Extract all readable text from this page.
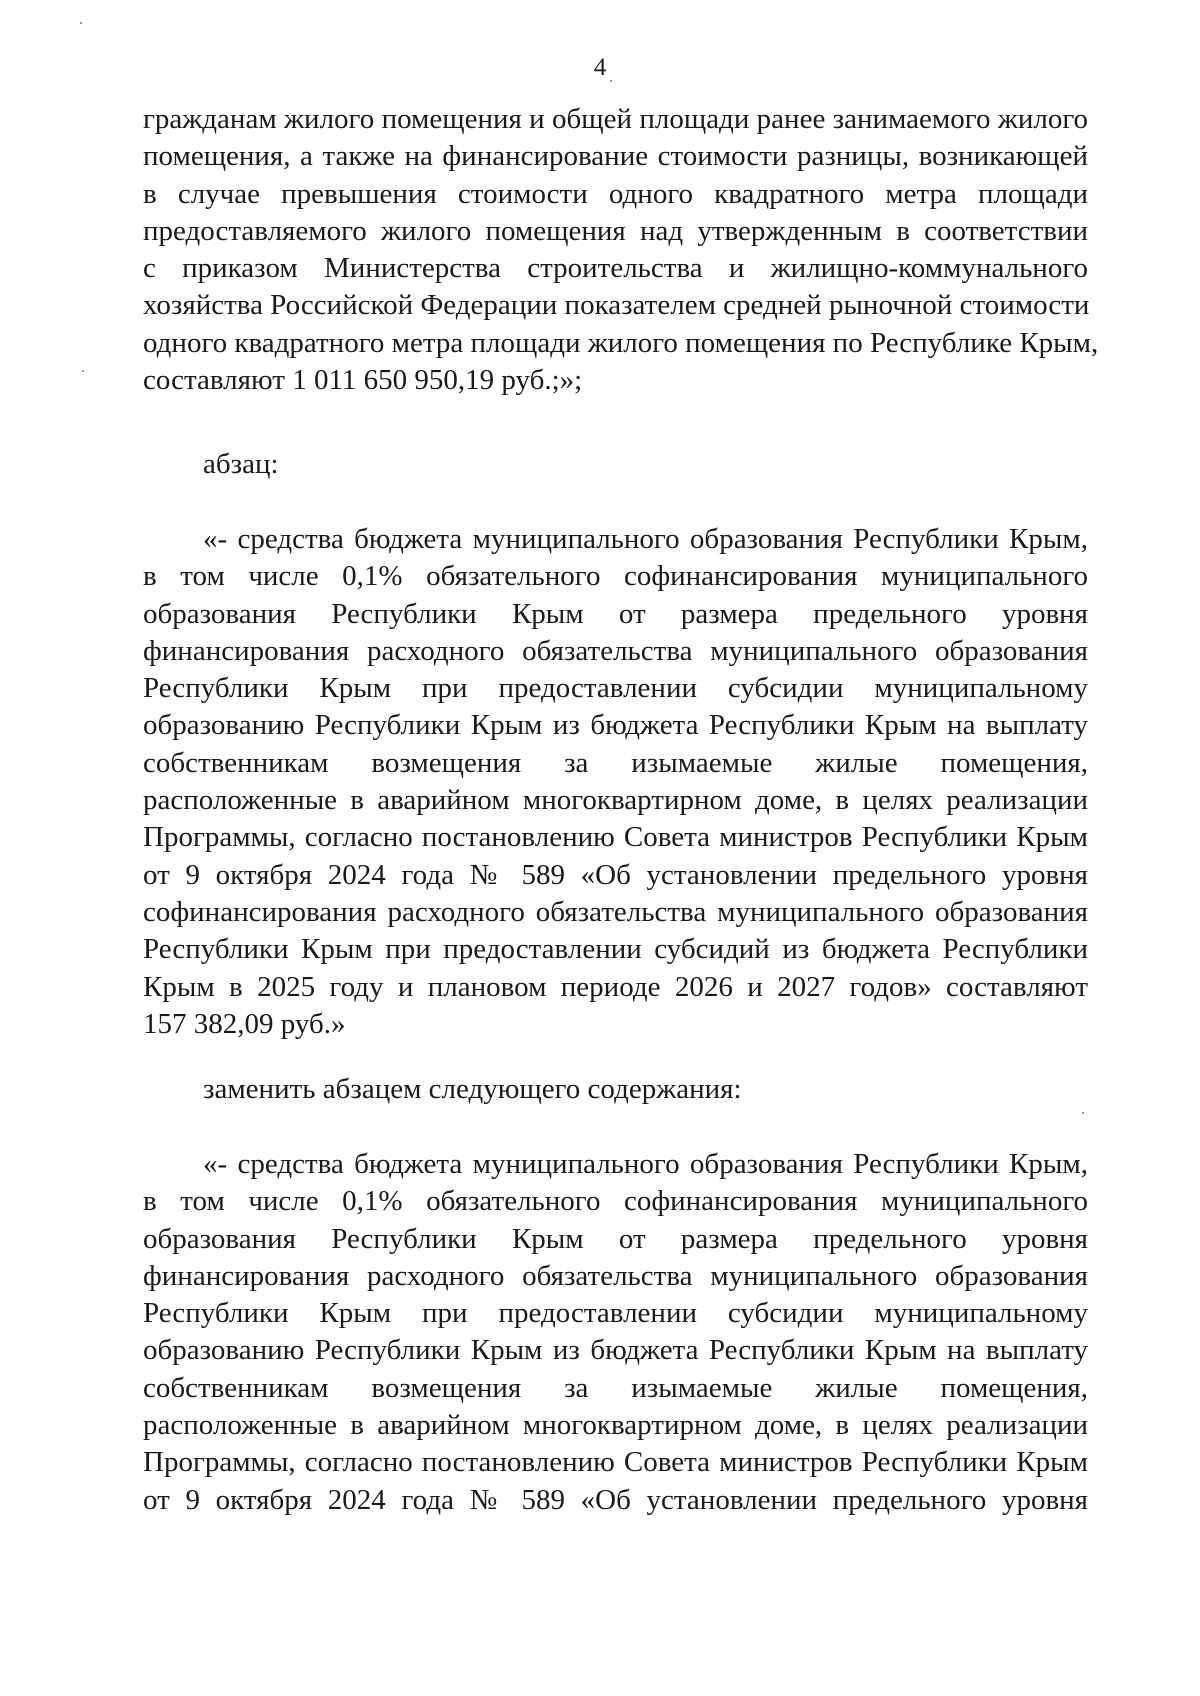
4
гражданам жилого помещения и общей площади ранее занимаемого жилого
помещения, а также на финансирование стоимости разницы, возникающей
в случае превышения стоимости одного квадратного метра площади
предоставляемого жилого помещения над утвержденным в соответствии
с приказом Министерства строительства и жилищно-коммунального
хозяйства Российской Федерации показателем средней рыночной стоимости
одного квадратного метра площади жилого помещения по Республике Крым,
составляют 1 011 650 950,19 руб.;»;
абзац:
«- средства бюджета муниципального образования Республики Крым,
в том числе 0,1% обязательного софинансирования муниципального
образования Республики Крым от размера предельного уровня
финансирования расходного обязательства муниципального образования
Республики Крым при предоставлении субсидии муниципальному
образованию Республики Крым из бюджета Республики Крым на выплату
собственникам возмещения за изымаемые жилые помещения,
расположенные в аварийном многоквартирном доме, в целях реализации
Программы, согласно постановлению Совета министров Республики Крым
от 9 октября 2024 года № 589 «Об установлении предельного уровня
софинансирования расходного обязательства муниципального образования
Республики Крым при предоставлении субсидий из бюджета Республики
Крым в 2025 году и плановом периоде 2026 и 2027 годов» составляют
157 382,09 руб.»
заменить абзацем следующего содержания:
«- средства бюджета муниципального образования Республики Крым,
в том числе 0,1% обязательного софинансирования муниципального
образования Республики Крым от размера предельного уровня
финансирования расходного обязательства муниципального образования
Республики Крым при предоставлении субсидии муниципальному
образованию Республики Крым из бюджета Республики Крым на выплату
собственникам возмещения за изымаемые жилые помещения,
расположенные в аварийном многоквартирном доме, в целях реализации
Программы, согласно постановлению Совета министров Республики Крым
от 9 октября 2024 года № 589 «Об установлении предельного уровня
